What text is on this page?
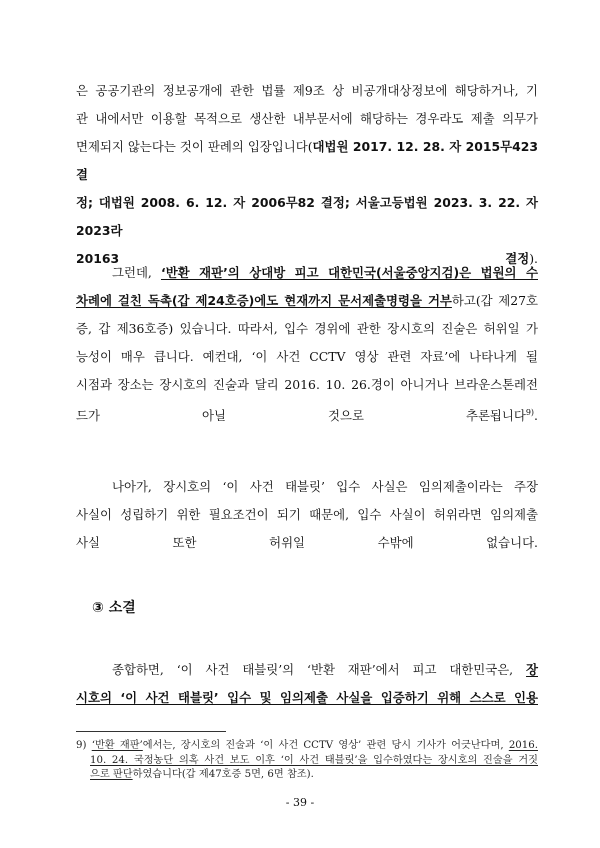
은 공공기관의 정보공개에 관한 법률 제9조 상 비공개대상정보에 해당하거나, 기
관 내에서만 이용할 목적으로 생산한 내부문서에 해당하는 경우라도 제출 의무가
면제되지 않는다는 것이 판례의 입장입니다(대법원 2017. 12. 28. 자 2015무423 결
정; 대법원 2008. 6. 12. 자 2006무82 결정; 서울고등법원 2023. 3. 22. 자 2023라
20163 결정).
그런데, ‘반환 재판’의 상대방 피고 대한민국(서울중앙지검)은 법원의 수
차례에 걸친 독촉(갑 제24호증)에도 현재까지 문서제출명령을 거부하고(갑 제27호
증, 갑 제36호증) 있습니다. 따라서, 입수 경위에 관한 장시호의 진술은 허위일 가
능성이 매우 큽니다. 예컨대, ‘이 사건 CCTV 영상 관련 자료’에 나타나게 될
시점과 장소는 장시호의 진술과 달리 2016. 10. 26.경이 아니거나 브라운스톤레전
드가 아닐 것으로 추론됩니다$^{9)}$.
나아가, 장시호의 ‘이 사건 태블릿’ 입수 사실은 임의제출이라는 주장
사실이 성립하기 위한 필요조건이 되기 때문에, 입수 사실이 허위라면 임의제출
사실 또한 허위일 수밖에 없습니다.
③ 소결
종합하면, ‘이 사건 태블릿’의 ‘반환 재판’에서 피고 대한민국은, 장
시호의 ‘이 사건 태블릿’ 입수 및 임의제출 사실을 입증하기 위해 스스로 인용
9) ‘반환 재판’에서는, 장시호의 진술과 ‘이 사건 CCTV 영상’ 관련 당시 기사가 어긋난다며, 2016.
10. 24. 국정농단 의혹 사건 보도 이후 ‘이 사건 태블릿’을 입수하였다는 장시호의 진술을 거짓
으로 판단하였습니다(갑 제47호증 5면, 6면 참조).
- 39 -
